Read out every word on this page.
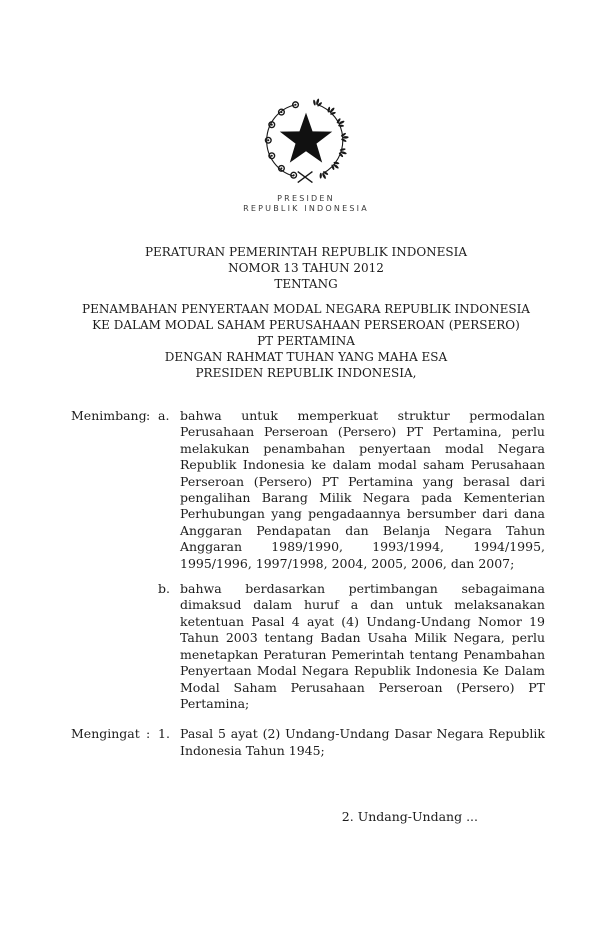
PRESIDEN
REPUBLIK INDONESIA

PERATURAN PEMERINTAH REPUBLIK INDONESIA

NOMOR 13 TAHUN 2012

TENTANG

PENAMBAHAN PENYERTAAN MODAL NEGARA REPUBLIK INDONESIA
KE DALAM MODAL SAHAM PERUSAHAAN PERSEROAN (PERSERO)
PT PERTAMINA

DENGAN RAHMAT TUHAN YANG MAHA ESA

PRESIDEN REPUBLIK INDONESIA,

Menimbang : a. bahwa untuk memperkuat struktur permodalan Perusahaan Perseroan (Persero) PT Pertamina, perlu melakukan penambahan penyertaan modal Negara Republik Indonesia ke dalam modal saham Perusahaan Perseroan (Persero) PT Pertamina yang berasal dari pengalihan Barang Milik Negara pada Kementerian Perhubungan yang pengadaannya bersumber dari dana Anggaran Pendapatan dan Belanja Negara Tahun Anggaran 1989/1990, 1993/1994, 1994/1995, 1995/1996, 1997/1998, 2004, 2005, 2006, dan 2007;
b. bahwa berdasarkan pertimbangan sebagaimana dimaksud dalam huruf a dan untuk melaksanakan ketentuan Pasal 4 ayat (4) Undang-Undang Nomor 19 Tahun 2003 tentang Badan Usaha Milik Negara, perlu menetapkan Peraturan Pemerintah tentang Penambahan Penyertaan Modal Negara Republik Indonesia Ke Dalam Modal Saham Perusahaan Perseroan (Persero) PT Pertamina;
Mengingat : 1. Pasal 5 ayat (2) Undang-Undang Dasar Negara Republik Indonesia Tahun 1945;
2. Undang-Undang ...
